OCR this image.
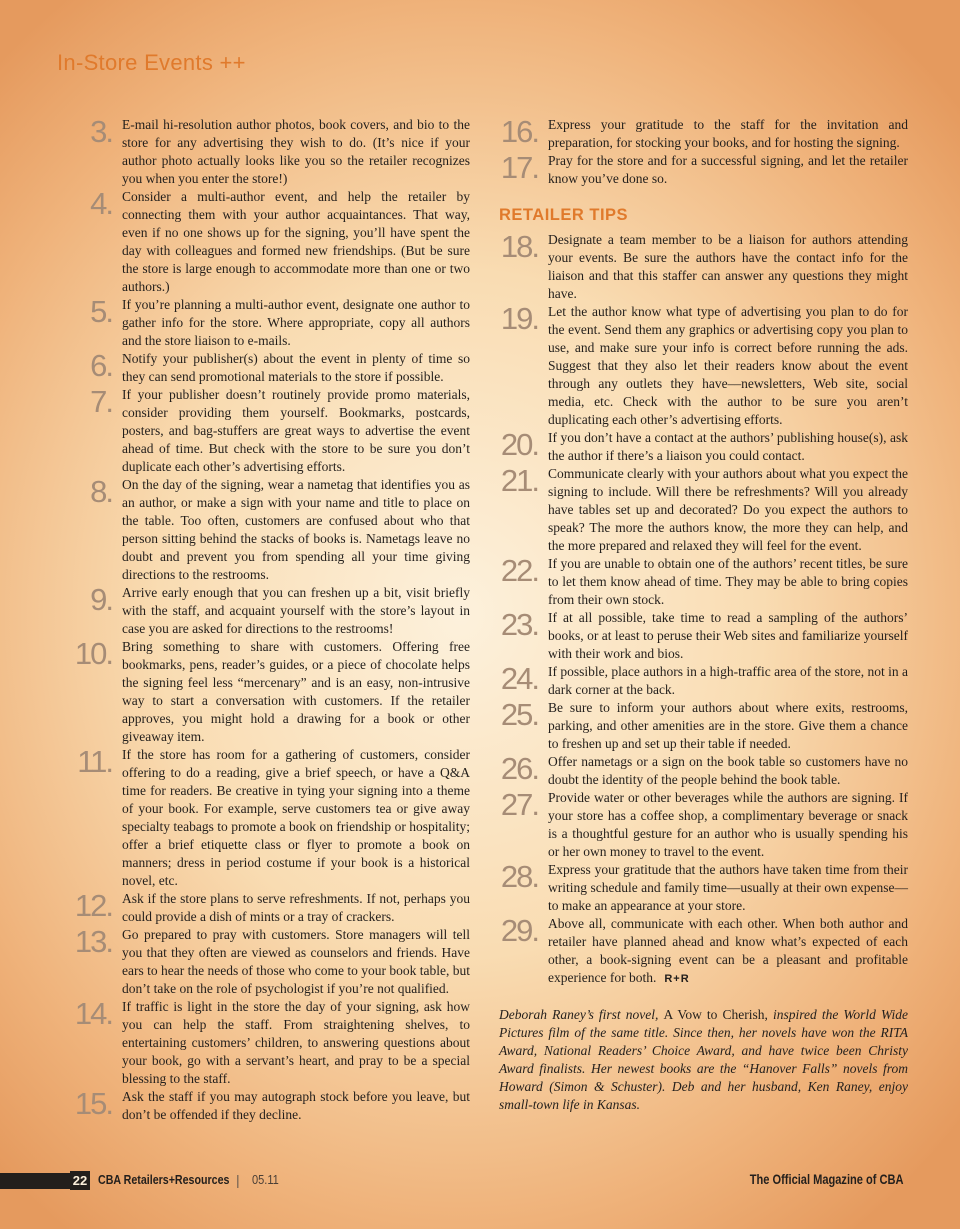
In-Store Events ++
3. E-mail hi-resolution author photos, book covers, and bio to the store for any advertising they wish to do. (It’s nice if your author photo actually looks like you so the retailer recognizes you when you enter the store!)

4. Consider a multi-author event, and help the retailer by connecting them with your author acquaintances. That way, even if no one shows up for the signing, you’ll have spent the day with colleagues and formed new friendships. (But be sure the store is large enough to accommodate more than one or two authors.)

5. If you’re planning a multi-author event, designate one author to gather info for the store. Where appropriate, copy all authors and the store liaison to e-mails.

6. Notify your publisher(s) about the event in plenty of time so they can send promotional materials to the store if possible.

7. If your publisher doesn’t routinely provide promo materials, consider providing them yourself. Bookmarks, postcards, posters, and bag-stuffers are great ways to advertise the event ahead of time. But check with the store to be sure you don’t duplicate each other’s advertising efforts.

8. On the day of the signing, wear a nametag that identifies you as an author, or make a sign with your name and title to place on the table. Too often, customers are confused about who that person sitting behind the stacks of books is. Nametags leave no doubt and prevent you from spending all your time giving directions to the restrooms.

9. Arrive early enough that you can freshen up a bit, visit briefly with the staff, and acquaint yourself with the store’s layout in case you are asked for directions to the restrooms!

10. Bring something to share with customers. Offering free bookmarks, pens, reader’s guides, or a piece of chocolate helps the signing feel less “mercenary” and is an easy, non-intrusive way to start a conversation with customers. If the retailer approves, you might hold a drawing for a book or other giveaway item.

11. If the store has room for a gathering of customers, consider offering to do a reading, give a brief speech, or have a Q&A time for readers. Be creative in tying your signing into a theme of your book. For example, serve customers tea or give away specialty teabags to promote a book on friendship or hospitality; offer a brief etiquette class or flyer to promote a book on manners; dress in period costume if your book is a historical novel, etc.

12. Ask if the store plans to serve refreshments. If not, perhaps you could provide a dish of mints or a tray of crackers.

13. Go prepared to pray with customers. Store managers will tell you that they often are viewed as counselors and friends. Have ears to hear the needs of those who come to your book table, but don’t take on the role of psychologist if you’re not qualified.

14. If traffic is light in the store the day of your signing, ask how you can help the staff. From straightening shelves, to entertaining customers’ children, to answering questions about your book, go with a servant’s heart, and pray to be a special blessing to the staff.

15. Ask the staff if you may autograph stock before you leave, but don’t be offended if they decline.

16. Express your gratitude to the staff for the invitation and preparation, for stocking your books, and for hosting the signing.

17. Pray for the store and for a successful signing, and let the retailer know you’ve done so.

RETAILER TIPS
18. Designate a team member to be a liaison for authors attending your events. Be sure the authors have the contact info for the liaison and that this staffer can answer any questions they might have.

19. Let the author know what type of advertising you plan to do for the event. Send them any graphics or advertising copy you plan to use, and make sure your info is correct before running the ads. Suggest that they also let their readers know about the event through any outlets they have––newsletters, Web site, social media, etc. Check with the author to be sure you aren’t duplicating each other’s advertising efforts.

20. If you don’t have a contact at the authors’ publishing house(s), ask the author if there’s a liaison you could contact.

21. Communicate clearly with your authors about what you expect the signing to include. Will there be refreshments? Will you already have tables set up and decorated? Do you expect the authors to speak? The more the authors know, the more they can help, and the more prepared and relaxed they will feel for the event.

22. If you are unable to obtain one of the authors’ recent titles, be sure to let them know ahead of time. They may be able to bring copies from their own stock.

23. If at all possible, take time to read a sampling of the authors’ books, or at least to peruse their Web sites and familiarize yourself with their work and bios.

24. If possible, place authors in a high-traffic area of the store, not in a dark corner at the back.

25. Be sure to inform your authors about where exits, restrooms, parking, and other amenities are in the store. Give them a chance to freshen up and set up their table if needed.

26. Offer nametags or a sign on the book table so customers have no doubt the identity of the people behind the book table.

27. Provide water or other beverages while the authors are signing. If your store has a coffee shop, a complimentary beverage or snack is a thoughtful gesture for an author who is usually spending his or her own money to travel to the event.

28. Express your gratitude that the authors have taken time from their writing schedule and family time––usually at their own expense––to make an appearance at your store.

29. Above all, communicate with each other. When both author and retailer have planned ahead and know what’s expected of each other, a book-signing event can be a pleasant and profitable experience for both. R+R

Deborah Raney’s first novel, A Vow to Cherish, inspired the World Wide Pictures film of the same title. Since then, her novels have won the RITA Award, National Readers’ Choice Award, and have twice been Christy Award finalists. Her newest books are the “Hanover Falls” novels from Howard (Simon & Schuster). Deb and her husband, Ken Raney, enjoy small-town life in Kansas.

22 CBA Retailers+Resources | 05.11	The Official Magazine of CBA
